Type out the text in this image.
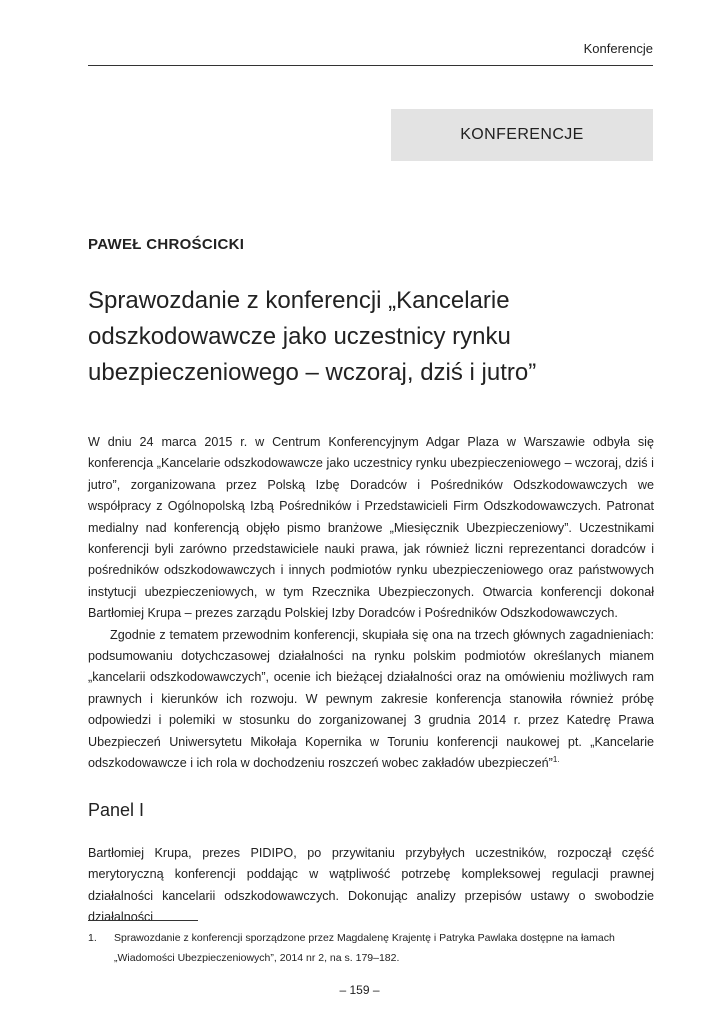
Konferencje
KONFERENCJE
PAWEŁ CHROŚCICKI
Sprawozdanie z konferencji „Kancelarie odszkodowawcze jako uczestnicy rynku ubezpieczeniowego – wczoraj, dziś i jutro”

W dniu 24 marca 2015 r. w Centrum Konferencyjnym Adgar Plaza w Warszawie odbyła się konferencja „Kancelarie odszkodowawcze jako uczestnicy rynku ubezpieczeniowego – wczoraj, dziś i jutro”, zorganizowana przez Polską Izbę Doradców i Pośredników Odszkodowawczych we współpracy z Ogólnopolską Izbą Pośredników i Przedstawicieli Firm Odszkodowawczych. Patronat medialny nad konferencją objęło pismo branżowe „Miesięcznik Ubezpieczeniowy”. Uczestnikami konferencji byli zarówno przedstawiciele nauki prawa, jak również liczni reprezentanci doradców i pośredników odszkodowawczych i innych podmiotów rynku ubezpieczeniowego oraz państwowych instytucji ubezpieczeniowych, w tym Rzecznika Ubezpieczonych. Otwarcia konferencji dokonał Bartłomiej Krupa – prezes zarządu Polskiej Izby Doradców i Pośredników Odszkodowawczych.

Zgodnie z tematem przewodnim konferencji, skupiała się ona na trzech głównych zagadnieniach: podsumowaniu dotychczasowej działalności na rynku polskim podmiotów określanych mianem „kancelarii odszkodowawczych”, ocenie ich bieżącej działalności oraz na omówieniu możliwych ram prawnych i kierunków ich rozwoju. W pewnym zakresie konferencja stanowiła również próbę odpowiedzi i polemiki w stosunku do zorganizowanej 3 grudnia 2014 r. przez Katedrę Prawa Ubezpieczeń Uniwersytetu Mikołaja Kopernika w Toruniu konferencji naukowej pt. „Kancelarie odszkodowawcze i ich rola w dochodzeniu roszczeń wobec zakładów ubezpieczeń”$^{1.}$

Panel I

Bartłomiej Krupa, prezes PIDIPO, po przywitaniu przybyłych uczestników, rozpoczął część merytoryczną konferencji poddając w wątpliwość potrzebę kompleksowej regulacji prawnej działalności kancelarii odszkodowawczych. Dokonując analizy przepisów ustawy o swobodzie działalności

1.	Sprawozdanie z konferencji sporządzone przez Magdalenę Krajentę i Patryka Pawlaka dostępne na łamach „Wiadomości Ubezpieczeniowych”, 2014 nr 2, na s. 179–182.
– 159 –
